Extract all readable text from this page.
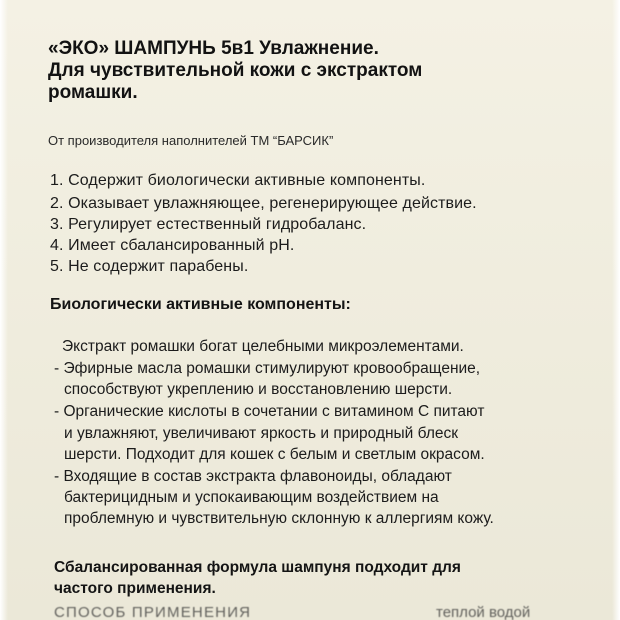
«ЭКО» ШАМПУНЬ 5в1 Увлажнение.
Для чувствительной кожи с экстрактом
ромашки.
От производителя наполнителей ТМ “БАРСИК”
1. Содержит биологически активные компоненты.
2. Оказывает увлажняющее, регенерирующее действие.
3. Регулирует естественный гидробаланс.
4. Имеет сбалансированный pH.
5. Не содержит парабены.
Биологически активные компоненты:
Экстракт ромашки богат целебными микроэлементами.
- Эфирные масла ромашки стимулируют кровообращение,
способствуют укреплению и восстановлению шерсти.
- Органические кислоты в сочетании с витамином С питают
и увлажняют, увеличивают яркость и природный блеск
шерсти. Подходит для кошек с белым и светлым окрасом.
- Входящие в состав экстракта флавоноиды, обладают
бактерицидным и успокаивающим воздействием на
проблемную и чувствительную склонную к аллергиям кожу.
Сбалансированная формула шампуня подходит для
частого применения.
СПОСОБ ПРИМЕНЕНИЯ	теплой водой
